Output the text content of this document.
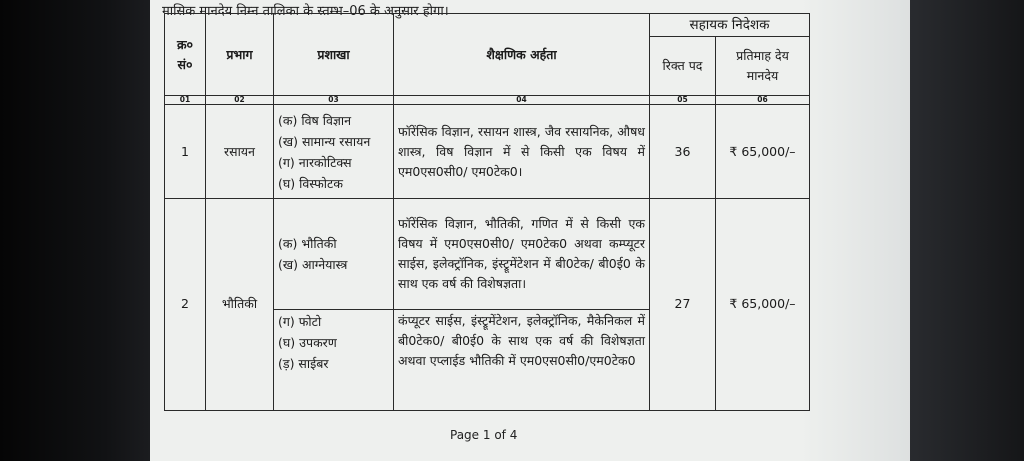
मासिक मानदेय निम्न तालिका के स्तम्भ–06 के अनुसार होगा।
क्र० सं०	प्रभाग	प्रशाखा	शैक्षणिक अर्हता	सहायक निदेशक	
				रिक्त पद	प्रतिमाह देय मानदेय
01	02	03	04	05	06
1	रसायन	(क) विष विज्ञान
(ख) सामान्य रसायन
(ग) नारकोटिक्स
(घ) विस्फोटक	फॉरेंसिक विज्ञान, रसायन शास्त्र, जैव रसायनिक, औषध शास्त्र, विष विज्ञान में से किसी एक विषय में एम0एस0सी0/ एम0टेक0।	36	₹ 65,000/–
2	भौतिकी	(क) भौतिकी
(ख) आग्नेयास्त्र	फॉरेंसिक विज्ञान, भौतिकी, गणित में से किसी एक विषय में एम0एस0सी0/ एम0टेक0 अथवा कम्प्यूटर साईस, इलेक्ट्रॉनिक, इंस्ट्रूमेंटेशन में बी0टेक/ बी0ई0 के साथ एक वर्ष की विशेषज्ञता।	27	₹ 65,000/–

		(ग) फोटो
(घ) उपकरण
(ड़) साईबर	कंप्यूटर साईस, इंस्ट्रूमेंटेशन, इलेक्ट्रॉनिक, मैकेनिकल में बी0टेक0/ बी0ई0 के साथ एक वर्ष की विशेषज्ञता अथवा एप्लाईड भौतिकी में एम0एस0सी0/एम0टेक0		
Page 1 of 4
